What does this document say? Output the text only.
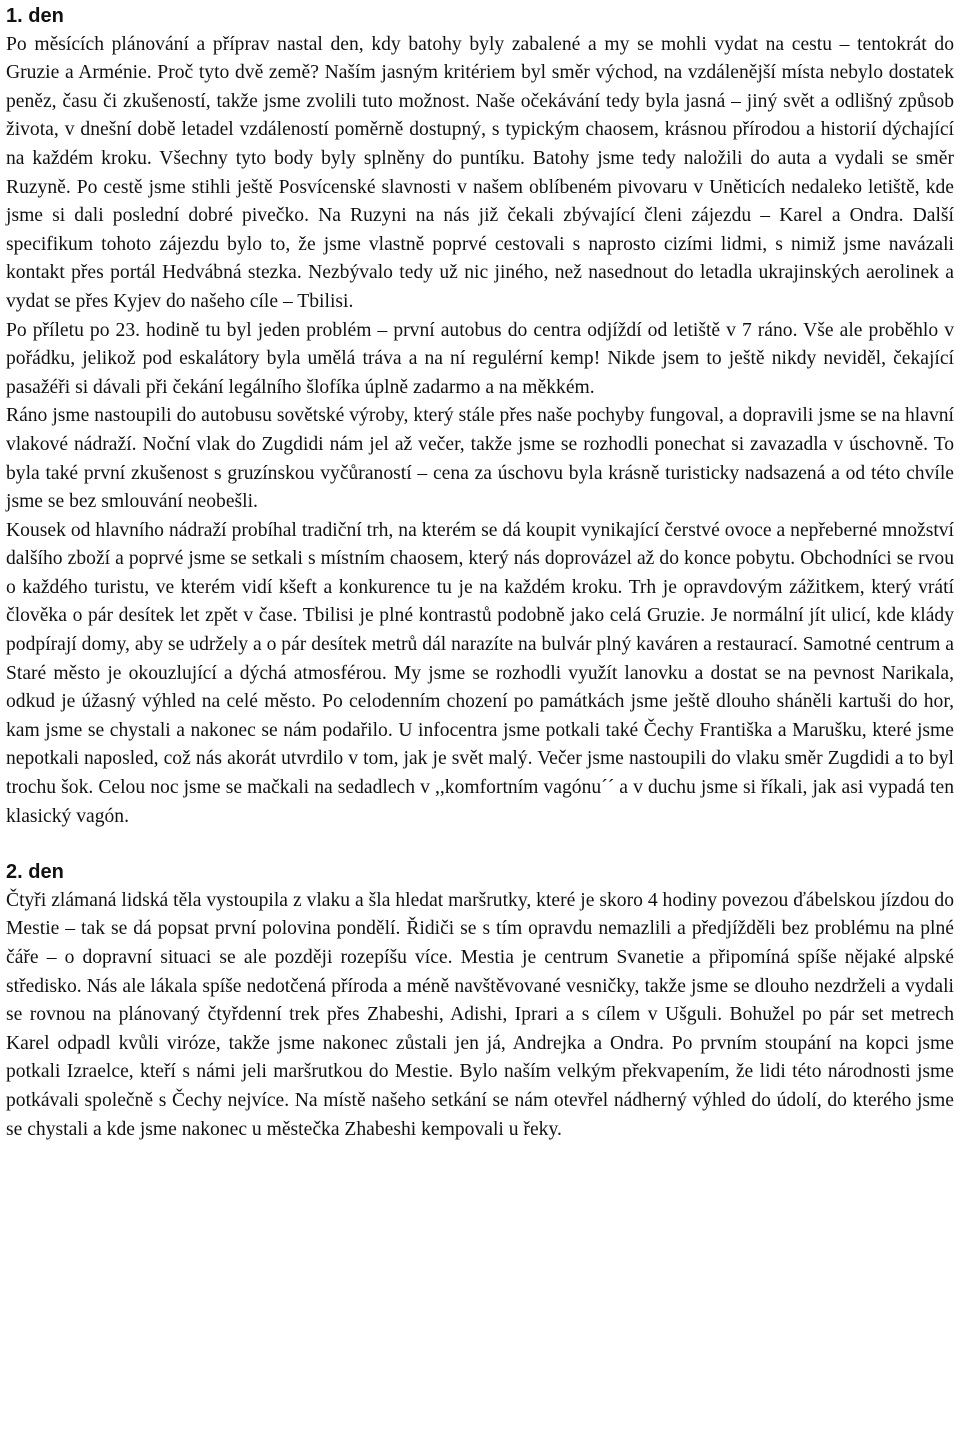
1. den

Po měsících plánování a příprav nastal den, kdy batohy byly zabalené a my se mohli vydat na cestu – tentokrát do Gruzie a Arménie. Proč tyto dvě země? Naším jasným kritériem byl směr východ, na vzdálenější místa nebylo dostatek peněz, času či zkušeností, takže jsme zvolili tuto možnost. Naše očekávání tedy byla jasná – jiný svět a odlišný způsob života, v dnešní době letadel vzdáleností poměrně dostupný, s typickým chaosem, krásnou přírodou a historií dýchající na každém kroku. Všechny tyto body byly splněny do puntíku. Batohy jsme tedy naložili do auta a vydali se směr Ruzyně. Po cestě jsme stihli ještě Posvícenské slavnosti v našem oblíbeném pivovaru v Uněticích nedaleko letiště, kde jsme si dali poslední dobré pivečko. Na Ruzyni na nás již čekali zbývající členi zájezdu – Karel a Ondra. Další specifikum tohoto zájezdu bylo to, že jsme vlastně poprvé cestovali s naprosto cizími lidmi, s nimiž jsme navázali kontakt přes portál Hedvábná stezka. Nezbývalo tedy už nic jiného, než nasednout do letadla ukrajinských aerolinek a vydat se přes Kyjev do našeho cíle – Tbilisi.

Po příletu po 23. hodině tu byl jeden problém – první autobus do centra odjíždí od letiště v 7 ráno. Vše ale proběhlo v pořádku, jelikož pod eskalátory byla umělá tráva a na ní regulérní kemp! Nikde jsem to ještě nikdy neviděl, čekající pasažéři si dávali při čekání legálního šlofíka úplně zadarmo a na měkkém.

Ráno jsme nastoupili do autobusu sovětské výroby, který stále přes naše pochyby fungoval, a dopravili jsme se na hlavní vlakové nádraží. Noční vlak do Zugdidi nám jel až večer, takže jsme se rozhodli ponechat si zavazadla v úschovně. To byla také první zkušenost s gruzínskou vyčůraností – cena za úschovu byla krásně turisticky nadsazená a od této chvíle jsme se bez smlouvání neobešli.

Kousek od hlavního nádraží probíhal tradiční trh, na kterém se dá koupit vynikající čerstvé ovoce a nepřeberné množství dalšího zboží a poprvé jsme se setkali s místním chaosem, který nás doprovázel až do konce pobytu. Obchodníci se rvou o každého turistu, ve kterém vidí kšeft a konkurence tu je na každém kroku. Trh je opravdovým zážitkem, který vrátí člověka o pár desítek let zpět v čase. Tbilisi je plné kontrastů podobně jako celá Gruzie. Je normální jít ulicí, kde klády podpírají domy, aby se udržely a o pár desítek metrů dál narazíte na bulvár plný kaváren a restaurací. Samotné centrum a Staré město je okouzlující a dýchá atmosférou. My jsme se rozhodli využít lanovku a dostat se na pevnost Narikala, odkud je úžasný výhled na celé město. Po celodenním chození po památkách jsme ještě dlouho sháněli kartuši do hor, kam jsme se chystali a nakonec se nám podařilo. U infocentra jsme potkali také Čechy Františka a Marušku, které jsme nepotkali naposled, což nás akorát utvrdilo v tom, jak je svět malý. Večer jsme nastoupili do vlaku směr Zugdidi a to byl trochu šok. Celou noc jsme se mačkali na sedadlech v ,,komfortním vagónu´´ a v duchu jsme si říkali, jak asi vypadá ten klasický vagón.

2. den

Čtyři zlámaná lidská těla vystoupila z vlaku a šla hledat maršrutky, které je skoro 4 hodiny povezou ďábelskou jízdou do Mestie – tak se dá popsat první polovina pondělí. Řidiči se s tím opravdu nemazlili a předjížděli bez problému na plné čáře – o dopravní situaci se ale později rozepíšu více. Mestia je centrum Svanetie a připomíná spíše nějaké alpské středisko. Nás ale lákala spíše nedotčená příroda a méně navštěvované vesničky, takže jsme se dlouho nezdrželi a vydali se rovnou na plánovaný čtyřdenní trek přes Zhabeshi, Adishi, Iprari a s cílem v Ušguli. Bohužel po pár set metrech Karel odpadl kvůli viróze, takže jsme nakonec zůstali jen já, Andrejka a Ondra. Po prvním stoupání na kopci jsme potkali Izraelce, kteří s námi jeli maršrutkou do Mestie. Bylo naším velkým překvapením, že lidi této národnosti jsme potkávali společně s Čechy nejvíce. Na místě našeho setkání se nám otevřel nádherný výhled do údolí, do kterého jsme se chystali a kde jsme nakonec u městečka Zhabeshi kempovali u řeky.
